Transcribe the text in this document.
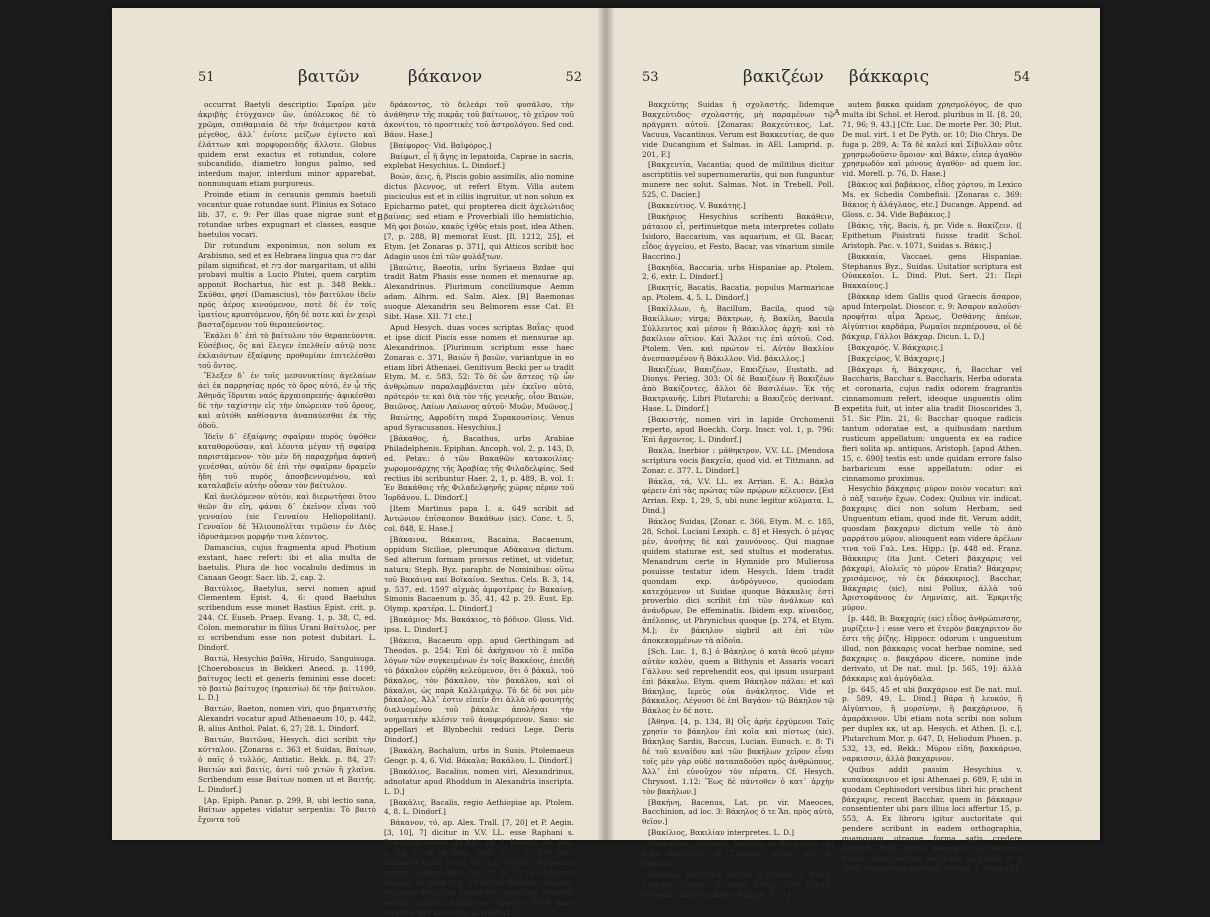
51	βαιτῶν	βάκανον	52

occurrat Baetyli descriptio: Σφαῖρα μὲν ἀκριβὴς ἐτύγχανεν ὤν, ὑπόλευκος δὲ τὸ χρῶμα, σπιθαμιαία δὲ τὴν διάμετρον κατὰ μέγεθος, ἀλλ᾽ ἐνίοτε μείζων ἐγίνετο καὶ ἐλάττων καὶ πορφυροειδὴς ἄλλοτε. Globus quidem erat exactus et rotundus, colore subcandido, diametro longus palmo, sed interdum major, interdum minor apparebat, nonnunquam etiam purpureus.

Proinde etiam in ceraunis gemmis baetuli vocantur quae rotundae sunt. Plinius ex Sotaco lib. 37, c. 9: Per illas quae nigrae sunt et rotundae urbes expugnari et classes, easque baetulos vocari.

Dir rotundum exponimus, non solum ex Arabismo, sed et ex Hebraea lingua qua בית dar pilam significat, et בית dor margaritam, ut alibi probavi multis a Lucio Plutei, quem carptim apponit Bochartus, hic est p. 348 Bekk.: Σκύθαι, φησί (Damascius), τὸν βαιτύλον ἰδεῖν πρὸς ἀέρος κινούμενον, ποτὲ δὲ ἐν τοῖς ἱματίοις κρυπτόμενον, ἤδη δὲ ποτε καὶ ἐν χειρὶ βασταζόμενον τοῦ θεραπεύοντος.

Ἐκάλει δ᾽ ἐπὶ τὸ βαίτυλον τὸν θεραπεύοντα. Εὐσέβιος, ὅς καὶ ἔλεγεν ἐπελθεῖν αὐτῷ ποτε ἐκλαιόντων ἐξαίφνης προθυμίαν ἐπιτελέσθαι τοῦ ὄντος.

Ἔλεξεν δ᾽ ἐν τοῖς μεσονυκτίοις ἀγελαίων ἀεὶ ἐκ παρρησίας πρός τὸ ὄρος αὐτό, ἐν ᾧ τῆς Ἀθηνᾶς ἵδρυται ναός ἀρχαιοπρεπής· ἀφικέσθαι δὲ τὴν ταχίστην εἰς τὴν ὑπώρειαν τοῦ ὄρους, καὶ αὐτόθι καθίσαντα ἀναπαύεσθαι ἐκ τῆς ὁδοῦ.

Ἰδεῖν δ᾽ ἐξαίφνης σφαῖραν πυρὸς ὑψόθεν καταθοροῦσαν, καὶ λέοντα μέγαν τῇ σφαίρᾳ παριστάμενον· τὸν μὲν δὴ παραχρῆμα ἀφανῆ γενέσθαι, αὐτὸν δὲ ἐπὶ τὴν σφαῖραν δραμεῖν ἤδη τοῦ πυρὸς ἀποσβεννυμένου, καὶ καταλαβεῖν αὐτὴν οὖσαν τὸν βαίτυλον.

Καὶ ἀνελόμενον αὐτόν, καὶ διερωτῆσαι ὅτου θεῶν ἂν εἴη, φάναι δ᾽ ἐκεῖνον εἶναι τοῦ γενναίου (sic Γενναίου Heliopolitani). Γενναῖον δὲ Ἡλιουπολῖται τιμῶσιν ἐν Διὸς ἱδρυσάμενοι μορφήν τινα λέοντος.

Damascius, cujus fragmenta apud Photium exstant, haec refert: ibi et alia multa de baetulis. Plura de hoc vocabulo dedimus in Canaan Geogr. Sacr. lib. 2, cap. 2.

Βαιτύλιος, Baetylus, servi nomen apud Clementem Epist. 4, 6: quod Baetulus scribendum esse monet Bastius Epist. crit. p. 244. Cf. Euseb. Praep. Evang. 1, p. 38, C, ed. Colon. memoratur in filius Urani Βαίτυλος, per ει scribendum esse non potest dubitari. L. Dindorf.

Βαιτώ, Hesychio βαῖθα, Hirudo, Sanguisuga. [Choeroboscus in Bekkeri Anecd. p. 1199, βαίτυχος lecti et generis feminini esse docet: τὸ βαιτώ βαίτυχος (ηραεσίω) δὲ τὴν βαίτυλον. L. D.]

Βαιτών, Baeton, nomen viri, quo βηματιστὴς Alexandri vocatur apud Athenaeum 10, p. 442, B, alius Anthol. Palat. 6, 27; 28. L. Dindorf.

Βαιτών, Βαιτῶνα, Hesych. dici scribit τὴν κύτταλον. [Zonaras c. 363 et Suidas, Βαίτων, ὁ παῖς ὁ τυλλός. Antiatic. Bekk. p. 84, 27: Βαιτών καὶ βαιτίς, ἀντί τοῦ χιτών ἢ χλαῖνα. Scribendum esse Βαίτων nomen ut et Βαιτής. L. Dindorf.]

[Ap. Epiph. Panar. p. 299, B, ubi lectio sana, Βαίτων appetes vidatur serpentis: Τὸ βαιτὸ ἔχοντα τοῦ

B

δράκοντος, τὸ δελεάρι τοῦ φυσάλου, τὴν ἀνάθησιν τῆς πικρᾶς τοῦ βαίτωνος, τὸ χεῖρον τοῦ ἀκονίτου, τὸ προστικὲς τοῦ ἀστρολόγου. Sed cod. Βάον. Hase.]

[Βαίφορος· Vid. Βαϊφόρος.]

Βαίφωτ, εἶ ἢ ἄγης in lepatoida, Caprae in sacris, explebat Hesychius. L. Dindorf.]

Βοών, ἁεις, ἡ, Piscis gobio assimilis, alio nomine dictus βλεννος, ut refert Etym. Villa autem pisciculus est et in ciliis ingruitur, ut non solum ex Epicharmo patet, qui propterea dicit ἀχελώτιδος βαίνας; sed etiam e Proverbiali illo hemistichio, Μὴ φοι βοιών, κακὸς ἰχθὺς etsis post, idea Athen. [7, p. 288, B] memorat Eust. [Il. 1212, 25], et Etym. [et Zonaras p. 371], qui Atticos scribit hoc Adagio usos ἐπὶ τῶν φυλάξτων.

[Βαιώτις, Baeotis, urbs Syriaeus Bzdae qui tradit Batm Phasis esse nomen et mensurae ap. Alexandrinus. Plurimum conciliumque Aemm adam. Alhrm. ed. Salm. Alex. [Β] Baemonas suoque Alexandrin seu Belmorem esse Cat. Et Sibt. Hase. XII. 71 ctc.]

Apud Hesych. duas voces scriptas Βαΐας· quod et ipse dicit Piscis esse nomen et mensurae ap. Alexandrinos. [Plurimum scriptum esse haec Zonaras c. 371, Βαιών ἢ βαιῶν, variantque in eo etiam libri Athenaei. Genitivum Becki per ω tradit Etym. M. c. 583, 52: Τὸ δὲ ὧν ἄστεος τῷ ὧν ἀνθρώπων παραλαμβάνεται μὲν ἐκεῖνο αὐτό, πρότερόν τε καὶ διὰ τὸν τῆς γενικῆς, οἷον Βαιών, Βαιῶνος, Λαίων Λαίωνος αὐτοῦ· Μυῶν, Μυῶνος.]

Βαιώτης, Αφροδίτη παρά Συρακουσίοις. Venus apud Syracusanos. Hesychius.]

[Βάκαθος, ἡ, Bacathus, urbs Arabiae Philadelphenis. Epiphan. Ancoph. vol. 2, p. 143, D, ed. Petav.: ὁ τῶν Βακαθῶν κατακοιλίας· χωρομονάρχης τῆς Ἀραβίας τῆς Φιλαδελφίας. Sed rectius ibi scribuntur Haer. 2, 1, p. 489, B, vol. 1: Ἐν Βακάθοις τῆς Φιλαδελφηνῆς χώρας πέραν τοῦ Ἰορδάνου. L. Dindorf.]

[Item Martinus papa I. a. 649 scribit ad Ἀντώνιον ἐπίσκοπον Βακάθων (sic). Conc. t. 5, col. 848, E. Hase.]

[Βάκαινα, Βάκαινα, Bacaina, Bacaenum, oppidum Siciliae, plerumque Αδάκαινα dictum. Sed alterum formam prorsus retinet, ut videtur, natura; Steph. Byz. paraphr. de Nominibus: οὕτω τοῦ Βακάινα καί Βοϊκαίνα. Sextus. Cels. Β. 3, 14, p. 537, ed. 1597 αἰχμὰς ἀμφοτέρας ἐν Βακαίνῃ. Simonis Bacaenum p. 35, 41, 42 p. 29. Eust. Ep. Olymp. κρατέρα. L. Dindorf.]

[Βακάμιος· Ms. Βακάκιος, τὸ βόδιον. Gloss. Vid. ipsa. L. Dindorf.]

[Βάκεια, Bacaeum opp. apud Gerthingam ad Theodos. p. 254: Ἐπὶ δὲ ἀκήχανον τὸ ἓ παῖδα λόγων τῶν συγκειμένων ἐν τοῖς Βακκέοις, ἐπειδὴ τὸ βάκαλον εὑρέθη κελεύμενον, ὅτι ὁ βάκαλ, τοῦ βάκαλος, τὸν βάκαλον, τὸν βακάλου, καὶ οἱ βάκαλοι, ὡς παρὰ Καλλιμάχῳ. Τὸ δὲ δὲ νοι μὲν βάκαλος. Ἀλλ᾽ ἐστιν εἰπεῖν ὅτι ἀλλὰ οὐ φοινητὴς διαλυομένου τοῦ βάκαλε ἀπολῆσαι τὴν νοηματικὴν κλέσιν τοῦ ἀναφερόμενον. Saxo: sic appellari et Blynbechii reduci Lege. Deris Dindorf.]

[Βακάλη, Bachalum, urbs in Susis. Ptolemaeus Geogr. p. 4, 6. Vid. Βάκαλα; Βακάλου. L. Dindorf.]

[Βακάλιος, Bacalius, nomen viri, Alexandrinus, adnotatur apud Rhoddum in Alexandria inscripta. L. D.]

[Βακάλις, Bacalis, regio Aethiopiae ap. Ptolem. 4, 8. L. Dindorf.]

Βάκανον, τό, ap. Alex. Trall. [7, 20] et P. Aegin. [3, 10], 7] dicitur in V.V. LL. esse Raphani s. Brassicae semen. Ita Ald., ed. 1, Hesych. ed. Aeg. p. 64, 7, ut in Alex. Trall. 8, 5, p. 399 Gal.: Βάκανον quod et in V.V. LL. dicitur; Brassicae semen, quidem Alex. Trall. 1, p. 72, 10: Βακάνου σπέρμα. Id quod et p. 10 dicitur Βάκανον σπέρμα, Βάκανον ἀνόμαξον ἐρεαπιδὸς εὐγενείας: Ῥαφανὶς σπέρμα λεπτὸν θέρμανσιν ἔχουσα. Vide quae dicemus sub Κάκανον. L. Dindorf.]

53	βακιζέων βάκκαρις	54

Βακχεύτης Suidas ἡ σχολαστής. Iidemque Βακχεύτιδος· σχολαστής, μὴ παραμένων τῷ πράγματι αὐτοῦ. [Zonaras: Βακχεύτικος, Lat. Vacuus, Vacantinus. Verum est Βακκευτίας, de quo vide Ducangium et Salmas. in AEl. Lamprid. p. 201, F.]

[Βακχευτία, Vacantia; quod de militibus dicitur ascriptitiis vel supernumerariis, qui non funguntur munere nec solut. Salmas. Not. in Trebell. Poll. 525, C. Dacier.]

[Βακκεύτιος. V. Βακάτης.]

[Βακήριος Hesychius scribenti Βακάθειν, μάταιον εἶ, pertinuetque meta interpretes collato Isidoro, Baccarium, vas aquarium, et Gl. Bacar, εἶδος ἀγγείου, et Festo, Bacar, vas vinarium simile Baccrino.]

[Βακηδία, Baccaria, urbs Hispaniae ap. Ptolem. 2, 6, extr. L. Dindorf.]

[Βακητίς, Bacatis, Bacatia, populus Marmaricae ap. Ptolem. 4, 5. L. Dindorf.]

[Βακίλλων, ἡ, Bacillum, Bacila, quod τῷ Βακίλλων; virga; Βάκτρων, ἡ, Βακίλη, Bacula Σύλλευτος καὶ μέσον ἢ Βάκιλλος ἀρχή· καὶ τὸ βακίλιον αἴτιον. Καὶ Ἄλλοι τις ἐπὶ αὐτοῦ. Cod. Ptolem. Ven. καὶ πρώτον τί. Αὐτὸν Βακλίον ἀνεσπασμένον ἢ Βάκιλλον. Vid. βάκιλλος.]

Βακιζέων, Βακιζέων, Εακιζέων, Eustath. ad Dionys. Perieg. 303: Οἱ δὲ Βακιζέων ἢ Βακιζέων ἀπὸ Βακίζοντες, ἄλλοι δὲ Βασιλέων. Ἐκ τῆς Βακτριανῆς. Libri Plutarchi: a Βακιζεύς derivant. Hase. L. Dindorf.]

[Βακιστής, nomen viri in lapide Orchomenii reperto, apud Boeckh. Corp. Inscr. vol. 1, p. 796: Ἐπὶ ἄρχοντος. L. Dindorf.]

Βακλα, Inerbior : μάθηκτρον, V.V. LL. [Mendosa scriptura vocis βακχεῖα, quod vid. et Tittmann. ad Zonar. c. 377. L. Dindorf.]

Βάκλα, τά, V.V. LL. ex Arrian. E. A.: Βάκλα φέρειν ἐπὶ τὰς πρώτας τῶν πρῴρων κέλευσεν. [Est Arrian. Exp. 1, 29, 5, ubi nunc legitur κύλματα. L. Dind.]

Βάκλος Suidas, [Zonar. c. 366, Etym. M. c. 185, 28, Schol. Luciani Lexiph. c. 8] et Hesych. ὁ μέγας μὲν, ἀνοήτης δὲ καὶ χαυνόνους. Qui magnae quidem staturae est, sed stultus et moderatus. Menandrum certe in Hymnide pro Mulierosa posuisse testatur idem Hesych. Idem tradit quondam exp. ἀνδρόγυνον, quoiodam κατεχόμενον ut Suidae quoque Βάκκαλις ἐστί proverbio dici scribit ἐπὶ τῶν ἀνάλκων καὶ ἀνάνδρων, De effeminatis. Ibidem exp. κίναιδος, ἀπέλοπος, ut Phrynichus quoque [p. 274, et Etym. M.]: ἐν βάκηλον sigbril ait ἐπὶ τῶν ἀποκεκομμένων τὰ αἰδοῖα.

[Sch. Luc. 1, 8.] ὁ Βάκηλος ὁ κατὰ θεοῦ μέγαν αὐτὰν καλὸν, quem a Bithynis et Assaris vocari Γάλλου: sed reprehendit eos, qui ipsum usurpant ἐπὶ βάκκλω. Etym. quem Βάκηλον πάλαι: et καὶ Βάκηλος, Ιερεὺς οὐκ ἀνάκλητος. Vide et βάκκαλος. Λέγουσι δὲ ἐπὶ Βαγάου· τῷ Βάκηλον τῷ Βάκλος ἐν δέ ποτε.

[Ἀθηνα. [4, p. 134, B] Οἷς ἀρῆε ἐρχύμενοι Ταῖς χρησίν το βάκηλον ἐπὶ κοῖα καὶ πίστως (sic). Βάκηλος Sardis, Baccus, Lucian. Eunuch. c. 8: Τί δὲ τοῦ κιναίδου καὶ τῶν βακήλων χεῖρον εἶναι τοῖς μὲν γὰρ οὐδὲ παταπαδοῦσι πρὸς ἀνθρώπους. Ἀλλ᾽ ἐπὶ εὐνοῦχον τὸν πέρατα. Cf. Hesych. Chrysost. 1.12: Ἕως δὲ πάντοθεν ὁ κατ᾽ ἀρχὴν τὸν βακήλων.]

[Βακήνη, Bacenus, Lat. pr. vir. Maeoces, Bacchinion, ad loc. 3: Βάκηλος ὁ τε Ἄπ. πρὸς αὐτὸ, θεῖον.]

[Βακίλιος, Βακιλίαν interpretes. L. D.]

Βακκαλίος, Albertus, Hesych. in Βάκκαλις, ubi nota Hemsterh. in Theodor. μαίας, μαί. L. Dindorf.]

Βάκκαρ, Tarentinis dicitur ὁ βῖβορος ὁ ταλός. Cornum, Lutum, ut tradit Etym. Vide Βακχίς. [Hesych. exhibet quoque Βακχία. L. D.]

A
B

autem βακκα quidam χρησμολόγος, de quo multa ibi Schol. et Herod. pluribus in II. [8, 20, 71, 96; 9, 43.] [Cfr. Luc. De morte Per. 30; Plut. De mul. virt. 1 et De Pyth. or. 10; Dio Chrys. De fuga p. 289, A: Τὰ δὲ καλεῖ καὶ Σίβυλλαν οὔτε χρησμωδοῦσιν ὅμοιον· καὶ Βάκιν, εἴπερ ἀγαθὸν χρησμωδὸν καὶ μόνους ἀγαθὸν· ad quem loc. vid. Morell. p. 76, D. Hase.]

[Βάκιος καὶ βαβάκιος, εἶδος χόρτου, in Lexico Ms. ex Schedis Combefisii. [Zonaras c. 369: Βάκιος ἡ ἀλάγλαος, etc.] Ducange. Append. ad Gloss. c. 34. Vide Βαβάκιος.]

[Βάκις, τῆς, Bacis, ἡ, pr. Vide s. Βακίζειν. ([ Epithetum Pisistrati fuisse tradit Schol. Aristoph. Pac. v. 1071, Suidas s. Βάκις.]

[Βακκαία, Vaccaei, gens Hispaniae. Stephanus Byz., Suidas. Usitatior scriptura est Οὐακκαῖοι. L. Dind. Plut. Sert. 21: Περὶ Βακκαίους.]

[Βάκκαρ idem Gallis quod Graecis ἄσαρον, apud Interpolat. Dioscor. c. 9: Ἀσαρον καλοῦσι· προφῆται αἷμα Ἄρεως, Ὀσθάνης ἀπέων, Αἰγύπτιοι καρδάμα, Ρωμαῖοι περπέρουσα, οἱ δὲ βάκχαρ, Γάλλοι Βάκχαρ. Dicun. L. D.]

[Βακχαρός. V. Βάκχαρις.]

[Βακχείρος, V. Βάκχαρις.]

[Βάκχαρι ἡ, Βάκχαρις, ἡ, Bacchar vel Baccharis, Bacchar s. Baccharis, Herba odorata et coronaria, cujus radix odorem fragrantis cinnamomum refert, ideoque unguentis olim expetita fuit, ut inter alia tradit Dioscorides 3, 51. Sic Plin. 21, 6: Bacchar quoque radicis tantum odoratae est, a quibusdam nardum rusticum appellatum: unguenta ex ea radice fieri solita ap. antiquos, Aristoph. [apud Athen. 15, c. 690] testis est: unde quidam errore falso barbaricum esse appellatum: odor ei cinnamomo proximus.

Hesychio βάκχαρις μύρον ποιὸν vocatur: καὶ ὁ πὰξ ταινὴν ἔχων. Codex: Quibus vir. indicat. βακχαρις dici non solum Herbam, sed Unguentum etiam, quod inde fit. Verum addit, quosdam βακχαριν dictum velle τὸ ἀπὸ μαρράτου μύρον, aliosquent eam videre ἀρέλων τινα τοῦ Γαλ. Lex. Hipp.: [p. 448 ed. Franz. Βάκκαρις (ita Junt. Ceteri βάκχαρις vel βάκχαρ), Αἰολεῖς τὸ μύρον Eratia? Βάκχαρις χρισάμενος, τὸ ἐκ βάκκαριος]. Bacchar, Βάκχαρις (sic), nisi Pollux, ἀλλὰ τοῦ Ἀριστοφάνους ἐν Λημνίαις, ait. Ἐρκριτῆς μύρον.

[p. 448, B: Βακχαρίς (sic) εἶδος ἀνθρώπισσης, μυρίζειν·] : esse vero et ἐτερὸν βακχαριτον ὄν ἐστι τῆς ῥίζης. Hippocr. odorum ι unguentum illud, non βάκκαρις vocat herbae nomine, sed βακχαρις ο. βακχάρου dicere, nomine inde derivato, ut De nat. mul. [p. 565, 19]: ἀλλὰ βάκκαρις καὶ ἀμύγδαλα.

[p. 645, 45 et ubi βακχάριον est De nat. mul. p. 589, 49. L. Dind.] Βάρα ἡ λευκόν, ἢ Αἰγύπτιον, ἢ μυρσίνην, ἢ βακχάρινον, ἢ ἀμαράκινον. Ubi etiam nota scribi non solum per duplex κκ, ut ap. Hesych. et Athen. [l. c.], Plutarchum Mor. p. 647, D, Heliodum Phoen. p. 532, 13, ed. Bekk.: Μύρον εἰδη, βακκάρινο, ναρκισσιν, ἀλλὰ βακχαρινον.

Quibus addit passim Hesychius v. κυπαίκκαρινον et ipsi Athenaei p. 689, F, ubi in quodam Cephisodori versibus libri hic prachent βάκχαρις, recent Bacchar, quem in βάκκαριν consentienter ubi pars illius loci affertur 15, p. 553, A. Ex libroru igitur auctoritate qui pendere scribunt in eadem orthographia, quamquam utraque forma satis credere debebit. Mihi forma βάκχαρις ad librarius Bacchi interspectrae secundus supposita et e libris Graecorum ejiciende videtur. L. Dindorf.]
